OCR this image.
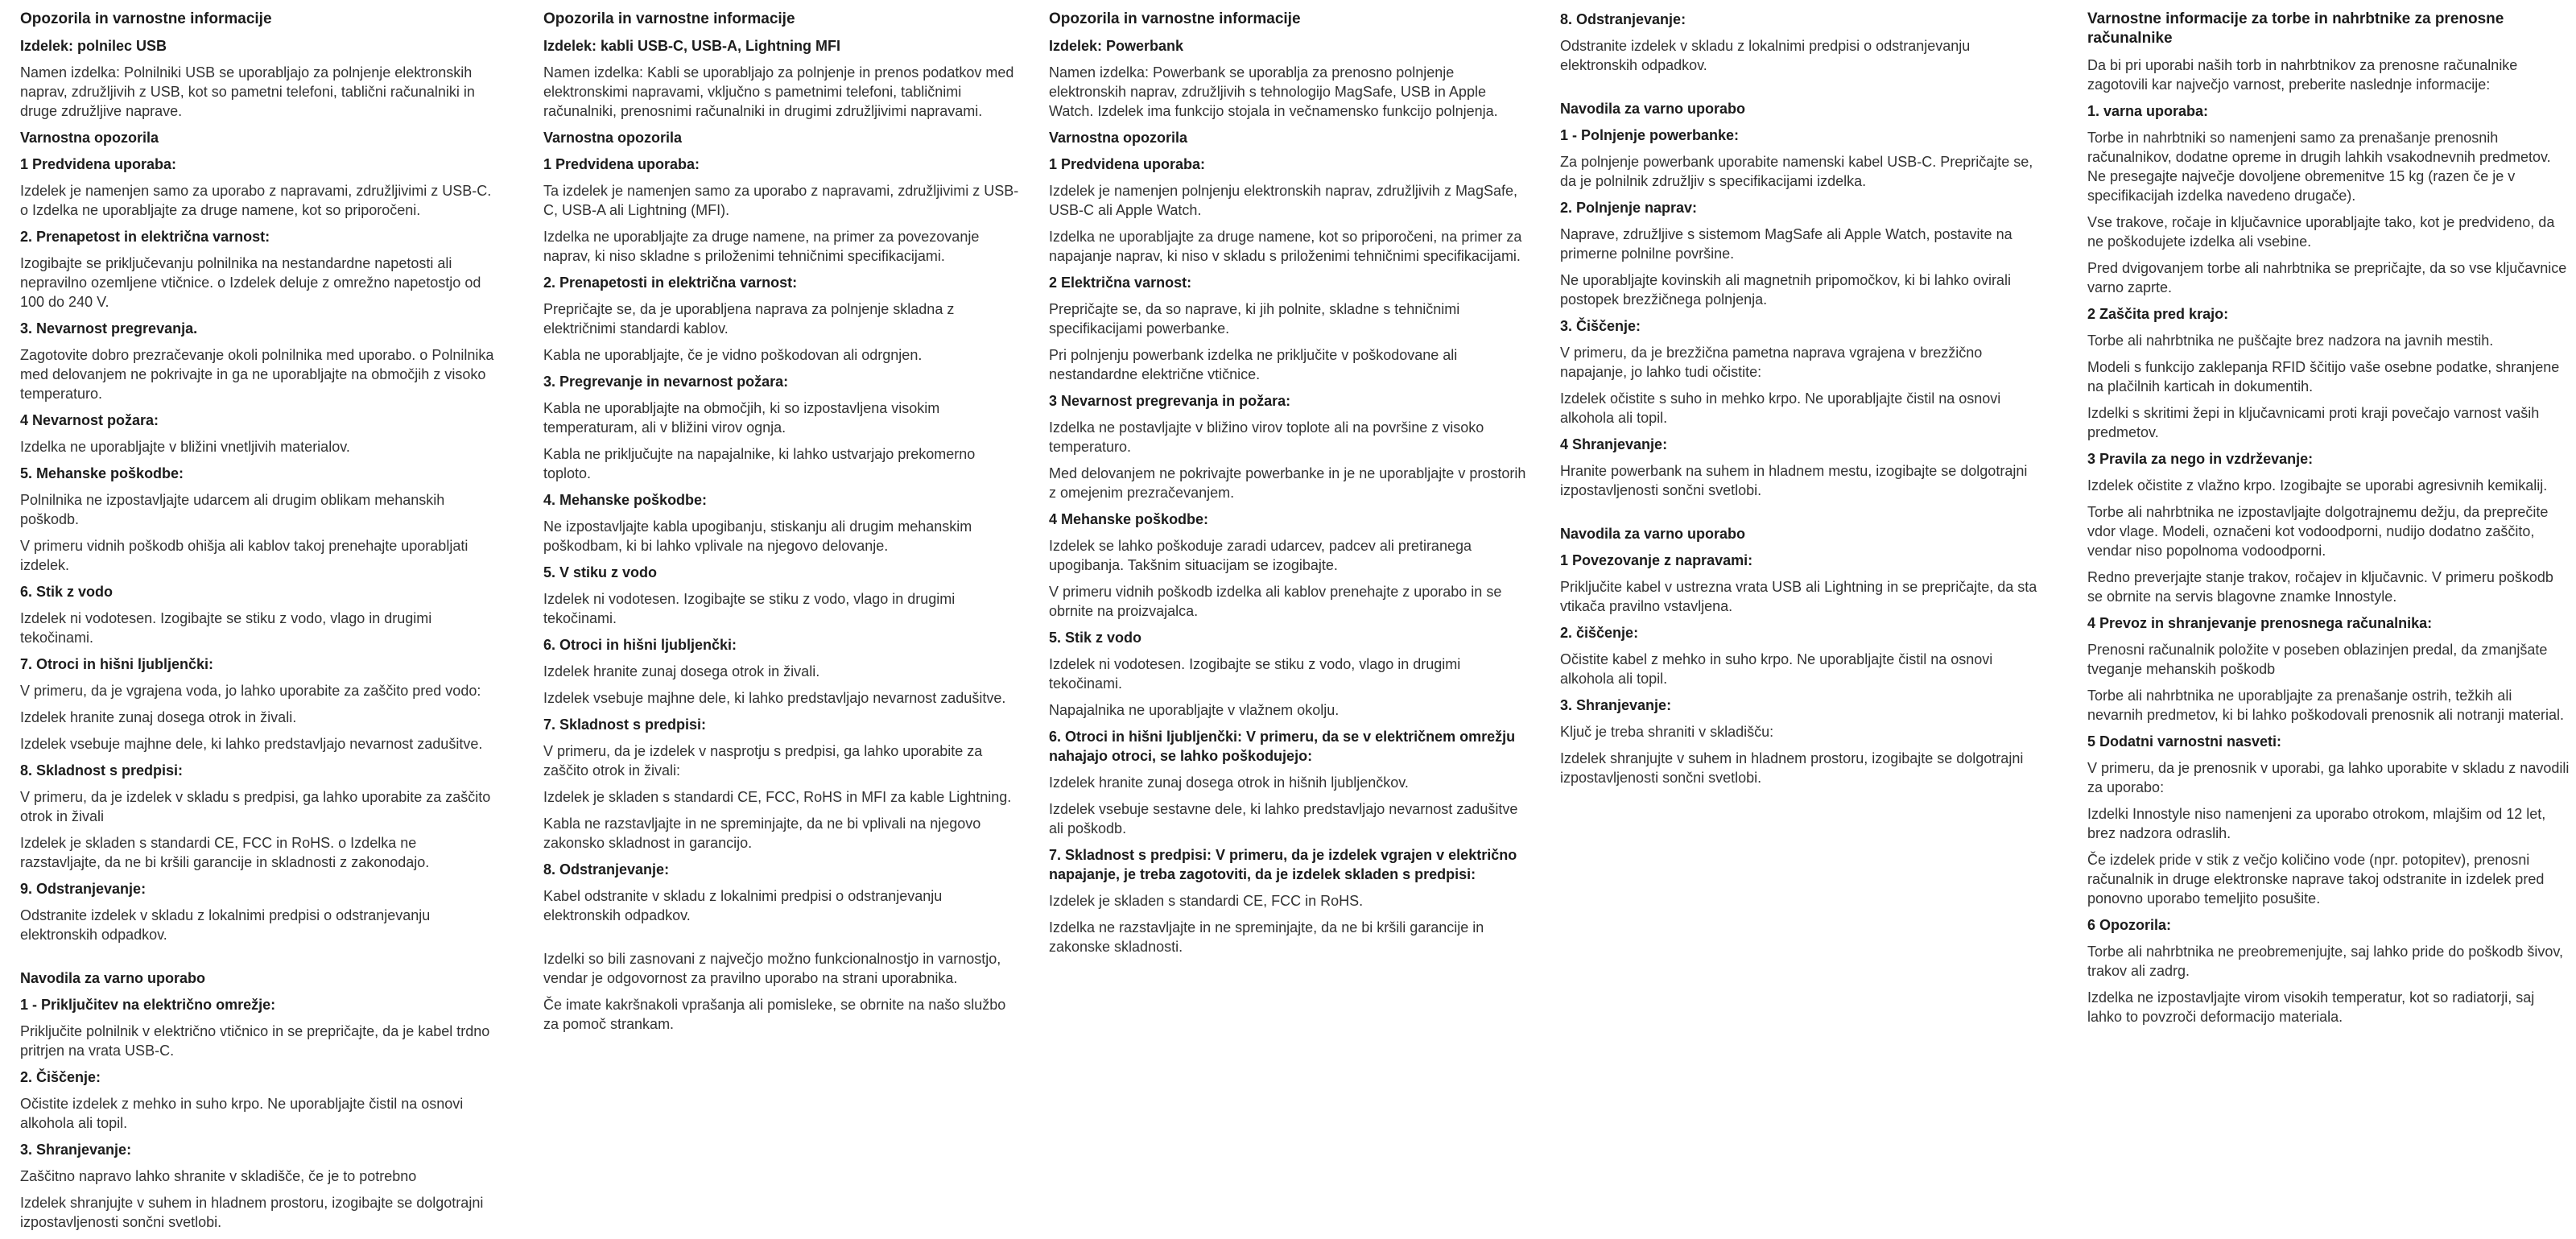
Opozorila in varnostne informacije
Izdelek: polnilec USB
Namen izdelka: Polnilniki USB se uporabljajo za polnjenje elektronskih naprav, združljivih z USB, kot so pametni telefoni, tablični računalniki in druge združljive naprave.
Varnostna opozorila
1 Predvidena uporaba:
Izdelek je namenjen samo za uporabo z napravami, združljivimi z USB-C. o Izdelka ne uporabljajte za druge namene, kot so priporočeni.
2. Prenapetost in električna varnost:
Izogibajte se priključevanju polnilnika na nestandardne napetosti ali nepravilno ozemljene vtičnice. o Izdelek deluje z omrežno napetostjo od 100 do 240 V.
3. Nevarnost pregrevanja.
Zagotovite dobro prezračevanje okoli polnilnika med uporabo. o Polnilnika med delovanjem ne pokrivajte in ga ne uporabljajte na območjih z visoko temperaturo.
4 Nevarnost požara:
Izdelka ne uporabljajte v bližini vnetljivih materialov.
5. Mehanske poškodbe:
Polnilnika ne izpostavljajte udarcem ali drugim oblikam mehanskih poškodb.
V primeru vidnih poškodb ohišja ali kablov takoj prenehajte uporabljati izdelek.
6. Stik z vodo
Izdelek ni vodotesen. Izogibajte se stiku z vodo, vlago in drugimi tekočinami.
7. Otroci in hišni ljubljenčki:
V primeru, da je vgrajena voda, jo lahko uporabite za zaščito pred vodo:
Izdelek hranite zunaj dosega otrok in živali.
Izdelek vsebuje majhne dele, ki lahko predstavljajo nevarnost zadušitve.
8. Skladnost s predpisi:
V primeru, da je izdelek v skladu s predpisi, ga lahko uporabite za zaščito otrok in živali
Izdelek je skladen s standardi CE, FCC in RoHS. o Izdelka ne razstavljajte, da ne bi kršili garancije in skladnosti z zakonodajo.
9. Odstranjevanje:
Odstranite izdelek v skladu z lokalnimi predpisi o odstranjevanju elektronskih odpadkov.
Navodila za varno uporabo
1 - Priključitev na električno omrežje:
Priključite polnilnik v električno vtičnico in se prepričajte, da je kabel trdno pritrjen na vrata USB-C.
2. Čiščenje:
Očistite izdelek z mehko in suho krpo. Ne uporabljajte čistil na osnovi alkohola ali topil.
3. Shranjevanje:
Zaščitno napravo lahko shranite v skladišče, če je to potrebno
Izdelek shranjujte v suhem in hladnem prostoru, izogibajte se dolgotrajni izpostavljenosti sončni svetlobi.
Opozorila in varnostne informacije
Izdelek: kabli USB-C, USB-A, Lightning MFI
Namen izdelka: Kabli se uporabljajo za polnjenje in prenos podatkov med elektronskimi napravami, vključno s pametnimi telefoni, tabličnimi računalniki, prenosnimi računalniki in drugimi združljivimi napravami.
Varnostna opozorila
1 Predvidena uporaba:
Ta izdelek je namenjen samo za uporabo z napravami, združljivimi z USB-C, USB-A ali Lightning (MFI).
Izdelka ne uporabljajte za druge namene, na primer za povezovanje naprav, ki niso skladne s priloženimi tehničnimi specifikacijami.
2. Prenapetosti in električna varnost:
Prepričajte se, da je uporabljena naprava za polnjenje skladna z električnimi standardi kablov.
Kabla ne uporabljajte, če je vidno poškodovan ali odrgnjen.
3. Pregrevanje in nevarnost požara:
Kabla ne uporabljajte na območjih, ki so izpostavljena visokim temperaturam, ali v bližini virov ognja.
Kabla ne priključujte na napajalnike, ki lahko ustvarjajo prekomerno toploto.
4. Mehanske poškodbe:
Ne izpostavljajte kabla upogibanju, stiskanju ali drugim mehanskim poškodbam, ki bi lahko vplivale na njegovo delovanje.
5. V stiku z vodo
Izdelek ni vodotesen. Izogibajte se stiku z vodo, vlago in drugimi tekočinami.
6. Otroci in hišni ljubljenčki:
Izdelek hranite zunaj dosega otrok in živali.
Izdelek vsebuje majhne dele, ki lahko predstavljajo nevarnost zadušitve.
7. Skladnost s predpisi:
V primeru, da je izdelek v nasprotju s predpisi, ga lahko uporabite za zaščito otrok in živali:
Izdelek je skladen s standardi CE, FCC, RoHS in MFI za kable Lightning.
Kabla ne razstavljajte in ne spreminjajte, da ne bi vplivali na njegovo zakonsko skladnost in garancijo.
8. Odstranjevanje:
Kabel odstranite v skladu z lokalnimi predpisi o odstranjevanju elektronskih odpadkov.
Izdelki so bili zasnovani z največjo možno funkcionalnostjo in varnostjo, vendar je odgovornost za pravilno uporabo na strani uporabnika.
Če imate kakršnakoli vprašanja ali pomisleke, se obrnite na našo službo za pomoč strankam.
Opozorila in varnostne informacije
Izdelek: Powerbank
Namen izdelka: Powerbank se uporablja za prenosno polnjenje elektronskih naprav, združljivih s tehnologijo MagSafe, USB in Apple Watch. Izdelek ima funkcijo stojala in večnamensko funkcijo polnjenja.
Varnostna opozorila
1 Predvidena uporaba:
Izdelek je namenjen polnjenju elektronskih naprav, združljivih z MagSafe, USB-C ali Apple Watch.
Izdelka ne uporabljajte za druge namene, kot so priporočeni, na primer za napajanje naprav, ki niso v skladu s priloženimi tehničnimi specifikacijami.
2 Električna varnost:
Prepričajte se, da so naprave, ki jih polnite, skladne s tehničnimi specifikacijami powerbanke.
Pri polnjenju powerbank izdelka ne priključite v poškodovane ali nestandardne električne vtičnice.
3 Nevarnost pregrevanja in požara:
Izdelka ne postavljajte v bližino virov toplote ali na površine z visoko temperaturo.
Med delovanjem ne pokrivajte powerbanke in je ne uporabljajte v prostorih z omejenim prezračevanjem.
4 Mehanske poškodbe:
Izdelek se lahko poškoduje zaradi udarcev, padcev ali pretiranega upogibanja. Takšnim situacijam se izogibajte.
V primeru vidnih poškodb izdelka ali kablov prenehajte z uporabo in se obrnite na proizvajalca.
5. Stik z vodo
Izdelek ni vodotesen. Izogibajte se stiku z vodo, vlago in drugimi tekočinami.
Napajalnika ne uporabljajte v vlažnem okolju.
6. Otroci in hišni ljubljenčki: V primeru, da se v električnem omrežju nahajajo otroci, se lahko poškodujejo:
Izdelek hranite zunaj dosega otrok in hišnih ljubljenčkov.
Izdelek vsebuje sestavne dele, ki lahko predstavljajo nevarnost zadušitve ali poškodb.
7. Skladnost s predpisi: V primeru, da je izdelek vgrajen v električno napajanje, je treba zagotoviti, da je izdelek skladen s predpisi:
Izdelek je skladen s standardi CE, FCC in RoHS.
Izdelka ne razstavljajte in ne spreminjajte, da ne bi kršili garancije in zakonske skladnosti.
8. Odstranjevanje:
Odstranite izdelek v skladu z lokalnimi predpisi o odstranjevanju elektronskih odpadkov.
Navodila za varno uporabo
1 - Polnjenje powerbanke:
Za polnjenje powerbank uporabite namenski kabel USB-C. Prepričajte se, da je polnilnik združljiv s specifikacijami izdelka.
2. Polnjenje naprav:
Naprave, združljive s sistemom MagSafe ali Apple Watch, postavite na primerne polnilne površine.
Ne uporabljajte kovinskih ali magnetnih pripomočkov, ki bi lahko ovirali postopek brezžičnega polnjenja.
3. Čiščenje:
V primeru, da je brezžična pametna naprava vgrajena v brezžično napajanje, jo lahko tudi očistite:
Izdelek očistite s suho in mehko krpo. Ne uporabljajte čistil na osnovi alkohola ali topil.
4 Shranjevanje:
Hranite powerbank na suhem in hladnem mestu, izogibajte se dolgotrajni izpostavljenosti sončni svetlobi.
Navodila za varno uporabo
1 Povezovanje z napravami:
Priključite kabel v ustrezna vrata USB ali Lightning in se prepričajte, da sta vtikača pravilno vstavljena.
2. čiščenje:
Očistite kabel z mehko in suho krpo. Ne uporabljajte čistil na osnovi alkohola ali topil.
3. Shranjevanje:
Ključ je treba shraniti v skladišču:
Izdelek shranjujte v suhem in hladnem prostoru, izogibajte se dolgotrajni izpostavljenosti sončni svetlobi.
Varnostne informacije za torbe in nahrbtnike za prenosne računalnike
Da bi pri uporabi naših torb in nahrbtnikov za prenosne računalnike zagotovili kar največjo varnost, preberite naslednje informacije:
1. varna uporaba:
Torbe in nahrbtniki so namenjeni samo za prenašanje prenosnih računalnikov, dodatne opreme in drugih lahkih vsakodnevnih predmetov. Ne presegajte največje dovoljene obremenitve 15 kg (razen če je v specifikacijah izdelka navedeno drugače).
Vse trakove, ročaje in ključavnice uporabljajte tako, kot je predvideno, da ne poškodujete izdelka ali vsebine.
Pred dvigovanjem torbe ali nahrbtnika se prepričajte, da so vse ključavnice varno zaprte.
2 Zaščita pred krajo:
Torbe ali nahrbtnika ne puščajte brez nadzora na javnih mestih.
Modeli s funkcijo zaklepanja RFID ščitijo vaše osebne podatke, shranjene na plačilnih karticah in dokumentih.
Izdelki s skritimi žepi in ključavnicami proti kraji povečajo varnost vaših predmetov.
3 Pravila za nego in vzdrževanje:
Izdelek očistite z vlažno krpo. Izogibajte se uporabi agresivnih kemikalij.
Torbe ali nahrbtnika ne izpostavljajte dolgotrajnemu dežju, da preprečite vdor vlage. Modeli, označeni kot vodoodporni, nudijo dodatno zaščito, vendar niso popolnoma vodoodporni.
Redno preverjajte stanje trakov, ročajev in ključavnic. V primeru poškodb se obrnite na servis blagovne znamke Innostyle.
4 Prevoz in shranjevanje prenosnega računalnika:
Prenosni računalnik položite v poseben oblazinjen predal, da zmanjšate tveganje mehanskih poškodb
Torbe ali nahrbtnika ne uporabljajte za prenašanje ostrih, težkih ali nevarnih predmetov, ki bi lahko poškodovali prenosnik ali notranji material.
5 Dodatni varnostni nasveti:
V primeru, da je prenosnik v uporabi, ga lahko uporabite v skladu z navodili za uporabo:
Izdelki Innostyle niso namenjeni za uporabo otrokom, mlajšim od 12 let, brez nadzora odraslih.
Če izdelek pride v stik z večjo količino vode (npr. potopitev), prenosni računalnik in druge elektronske naprave takoj odstranite in izdelek pred ponovno uporabo temeljito posušite.
6 Opozorila:
Torbe ali nahrbtnika ne preobremenjujte, saj lahko pride do poškodb šivov, trakov ali zadrg.
Izdelka ne izpostavljajte virom visokih temperatur, kot so radiatorji, saj lahko to povzroči deformacijo materiala.
